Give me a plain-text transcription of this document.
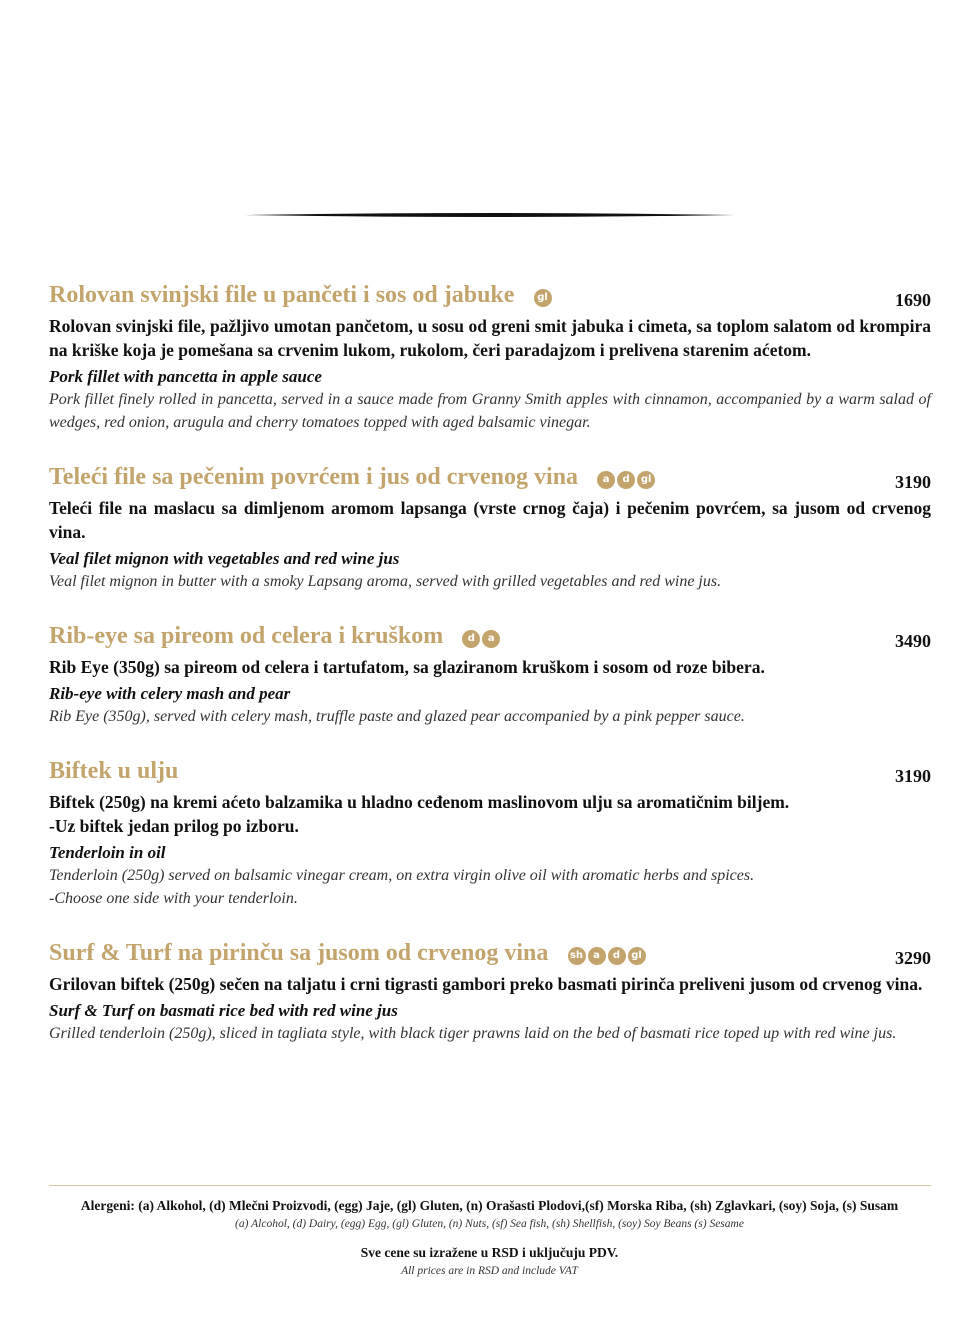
Rolovan svinjski file u pančeti i sos od jabuke gl	1690

Rolovan svinjski file, pažljivo umotan pančetom, u sosu od greni smit jabuka i cimeta, sa toplom salatom od krompira na kriške koja je pomešana sa crvenim lukom, rukolom, čeri paradajzom i prelivena starenim aćetom.

Pork fillet with pancetta in apple sauce

Pork fillet finely rolled in pancetta, served in a sauce made from Granny Smith apples with cinnamon, accompanied by a warm salad of wedges, red onion, arugula and cherry tomatoes topped with aged balsamic vinegar.

Teleći file sa pečenim povrćem i jus od crvenog vina a d gl	3190

Teleći file na maslacu sa dimljenom aromom lapsanga (vrste crnog čaja) i pečenim povrćem, sa jusom od crvenog vina.

Veal filet mignon with vegetables and red wine jus

Veal filet mignon in butter with a smoky Lapsang aroma, served with grilled vegetables and red wine jus.

Rib-eye sa pireom od celera i kruškom d a	3490

Rib Eye (350g) sa pireom od celera i tartufatom, sa glaziranom kruškom i sosom od roze bibera.

Rib-eye with celery mash and pear

Rib Eye (350g), served with celery mash, truffle paste and glazed pear accompanied by a pink pepper sauce.

Biftek u ulju	3190

Biftek (250g) na kremi aćeto balzamika u hladno ceđenom maslinovom ulju sa aromatičnim biljem.
-Uz biftek jedan prilog po izboru.

Tenderloin in oil

Tenderloin (250g) served on balsamic vinegar cream, on extra virgin olive oil with aromatic herbs and spices.
-Choose one side with your tenderloin.

Surf & Turf na pirinču sa jusom od crvenog vina sh a d gl	3290

Grilovan biftek (250g) sečen na taljatu i crni tigrasti gambori preko basmati pirinča preliveni jusom od crvenog vina.

Surf & Turf on basmati rice bed with red wine jus

Grilled tenderloin (250g), sliced in tagliata style, with black tiger prawns laid on the bed of basmati rice toped up with red wine jus.

Alergeni: (a) Alkohol, (d) Mlečni Proizvodi, (egg) Jaje, (gl) Gluten, (n) Orašasti Plodovi,(sf) Morska Riba, (sh) Zglavkari, (soy) Soja, (s) Susam
(a) Alcohol, (d) Dairy, (egg) Egg, (gl) Gluten, (n) Nuts, (sf) Sea fish, (sh) Shellfish, (soy) Soy Beans (s) Sesame
Sve cene su izražene u RSD i uključuju PDV.
All prices are in RSD and include VAT
